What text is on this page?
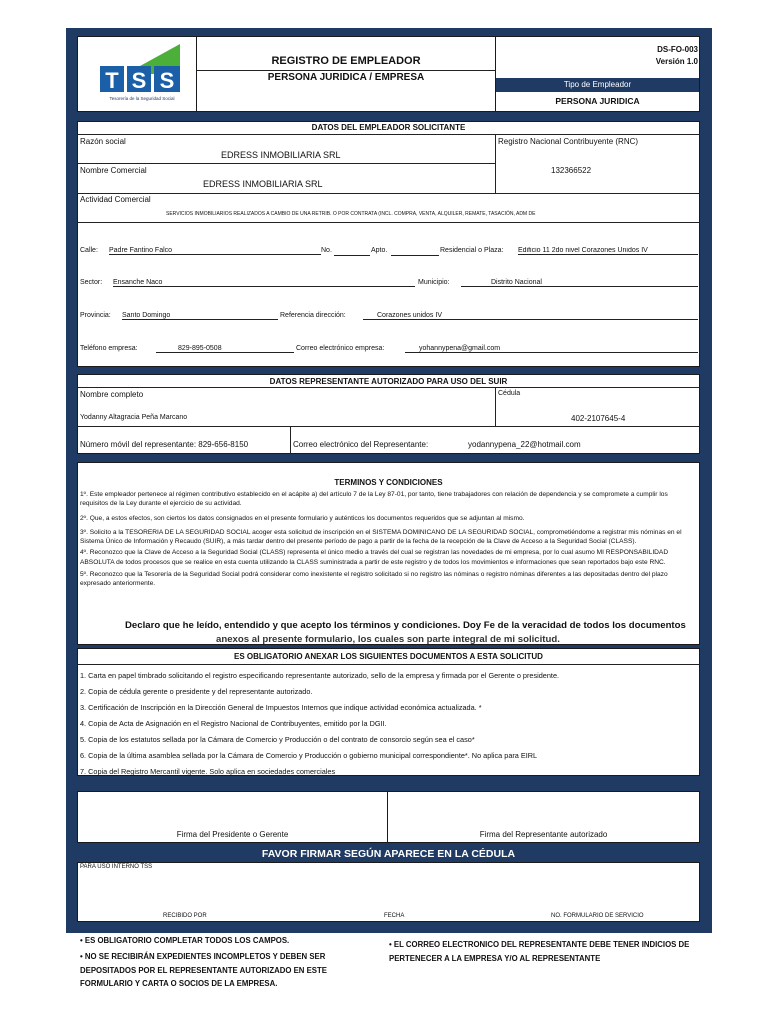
T S S
Tesorería de la Seguridad Social
REGISTRO DE EMPLEADOR
PERSONA JURIDICA / EMPRESA
DS-FO-003
Versión 1.0
Tipo de Empleador
PERSONA JURIDICA
DATOS DEL EMPLEADOR SOLICITANTE
Razón social
EDRESS INMOBILIARIA SRL
Registro Nacional Contribuyente (RNC)
132366522
Nombre Comercial
EDRESS INMOBILIARIA SRL
Actividad Comercial
SERVICIOS INMOBILIARIOS REALIZADOS A CAMBIO DE UNA RETRIB. O POR CONTRATA (INCL. COMPRA, VENTA, ALQUILER, REMATE, TASACIÓN, ADM DE
Calle: Padre Fantino Falco	No.	Apto.	Residencial o Plaza: Edificio 11 2do nivel Corazones Unidos IV
Sector: Ensanche Naco	Municipio:	Distrito Nacional
Provincia: Santo Domingo	Referencia dirección:	Corazones unidos IV
Teléfono empresa:	829-895-0508	Correo electrónico empresa:	yohannypena@gmail.com
DATOS REPRESENTANTE AUTORIZADO PARA USO DEL SUIR
Nombre completo
Yodanny Altagracia Peña Marcano
Cédula
402-2107645-4
Número móvil del representante: 829-656-8150	Correo electrónico del Representante:	yodannypena_22@hotmail.com
TERMINOS Y CONDICIONES

1º. Este empleador pertenece al régimen contributivo establecido en el acápite a) del artículo 7 de la Ley 87-01, por tanto, tiene trabajadores con relación de dependencia y se compromete a cumplir los requisitos de la Ley durante el ejercicio de su actividad.

2º. Que, a estos efectos, son ciertos los datos consignados en el presente formulario y auténticos los documentos requeridos que se adjuntan al mismo.

3º. Solicito a la TESORERIA DE LA SEGURIDAD SOCIAL acoger esta solicitud de inscripción en el SISTEMA DOMINICANO DE LA SEGURIDAD SOCIAL, comprometiéndome a registrar mis nóminas en el Sistema Único de Información y Recaudo (SUIR), a más tardar dentro del presente período de pago a partir de la fecha de la recepción de la Clave de Acceso a la Seguridad Social (CLASS).

4º. Reconozco que la Clave de Acceso a la Seguridad Social (CLASS) representa el único medio a través del cual se registran las novedades de mi empresa, por lo cual asumo MI RESPONSABILIDAD ABSOLUTA de todos procesos que se realice en esta cuenta utilizando la CLASS suministrada a partir de este registro y de todos los movimientos e informaciones que sean reportados bajo este RNC.

5º. Reconozco que la Tesorería de la Seguridad Social podrá considerar como inexistente el registro solicitado si no registro las nóminas o registro nóminas diferentes a las depositadas dentro del plazo expresado anteriormente.

Declaro que he leído, entendido y que acepto los términos y condiciones. Doy Fe de la veracidad de todos los documentos
anexos al presente formulario, los cuales son parte integral de mi solicitud.
ES OBLIGATORIO ANEXAR LOS SIGUIENTES DOCUMENTOS A ESTA SOLICITUD
1. Carta en papel timbrado solicitando el registro especificando representante autorizado, sello de la empresa y firmada por el Gerente o presidente.
2. Copia de cédula gerente o presidente y del representante autorizado.
3. Certificación de Inscripción en la Dirección General de Impuestos Internos que indique actividad económica actualizada. *
4. Copia de Acta de Asignación en el Registro Nacional de Contribuyentes, emitido por la DGII.
5. Copia de los estatutos sellada por la Cámara de Comercio y Producción o del contrato de consorcio según sea el caso*
6. Copia de la última asamblea sellada por la Cámara de Comercio y Producción o gobierno municipal correspondiente*. No aplica para EIRL
7. Copia del Registro Mercantil vigente. Solo aplica en sociedades comerciales
Firma del Presidente o Gerente	Firma del Representante autorizado
FAVOR FIRMAR SEGÚN APARECE EN LA CÉDULA
PARA USO INTERNO TSS
RECIBIDO POR	FECHA	NO. FORMULARIO DE SERVICIO
• ES OBLIGATORIO COMPLETAR TODOS LOS CAMPOS.
• NO SE RECIBIRÁN EXPEDIENTES INCOMPLETOS Y DEBEN SER DEPOSITADOS POR EL REPRESENTANTE AUTORIZADO EN ESTE FORMULARIO Y CARTA O SOCIOS DE LA EMPRESA.
• EL CORREO ELECTRONICO DEL REPRESENTANTE DEBE TENER INDICIOS DE PERTENECER A LA EMPRESA Y/O AL REPRESENTANTE
